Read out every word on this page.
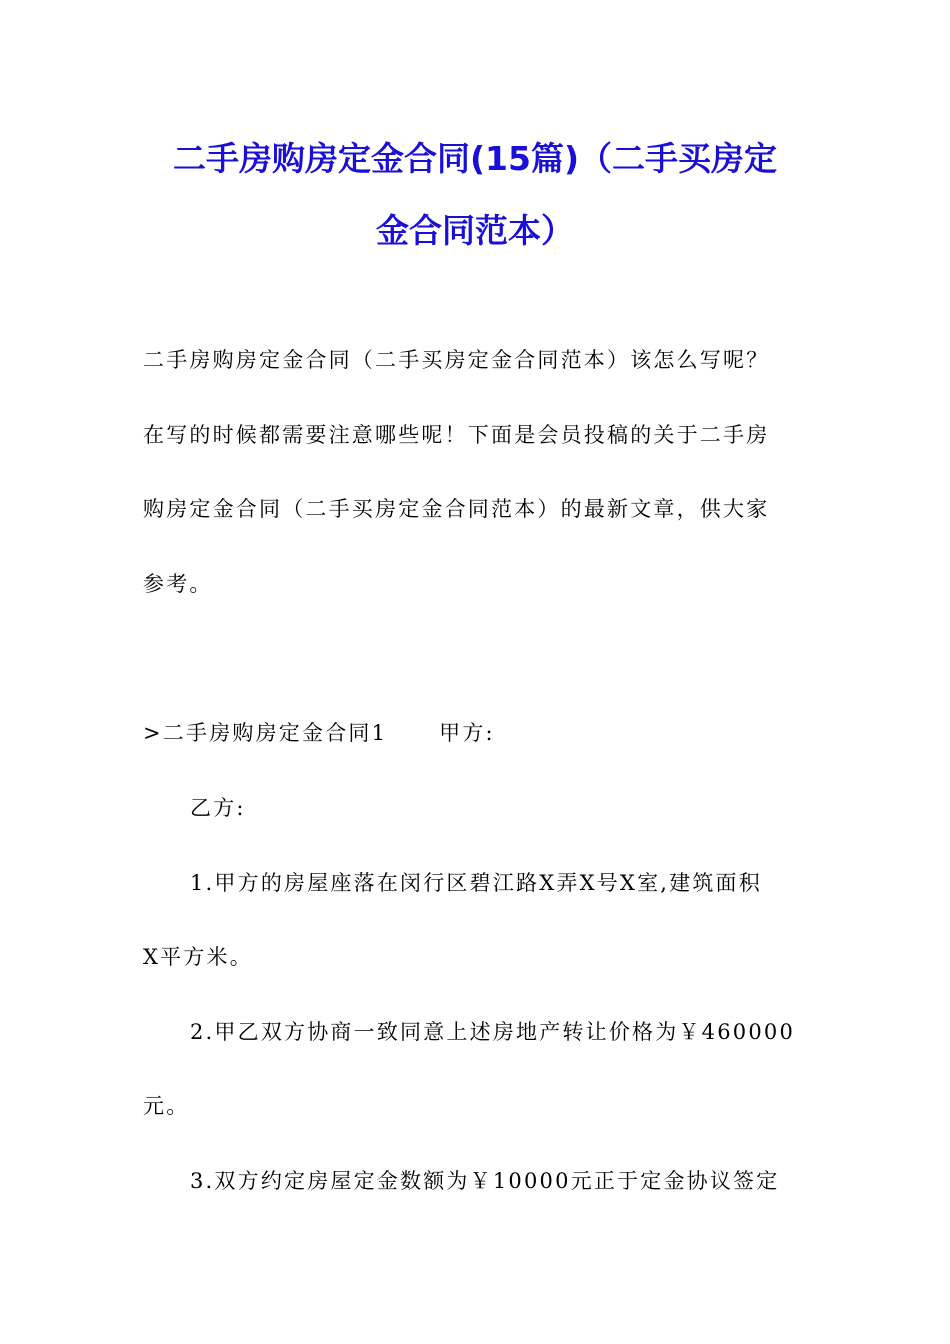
二手房购房定金合同(15篇)（二手买房定
金合同范本）
二手房购房定金合同（二手买房定金合同范本）该怎么写呢？
在写的时候都需要注意哪些呢！下面是会员投稿的关于二手房
购房定金合同（二手买房定金合同范本）的最新文章，供大家
参考。
>二手房购房定金合同1 甲方:
乙方:
1.甲方的房屋座落在闵行区碧江路X弄X号X室,建筑面积
X平方米。
2.甲乙双方协商一致同意上述房地产转让价格为￥460000
元。
3.双方约定房屋定金数额为￥10000元正于定金协议签定
